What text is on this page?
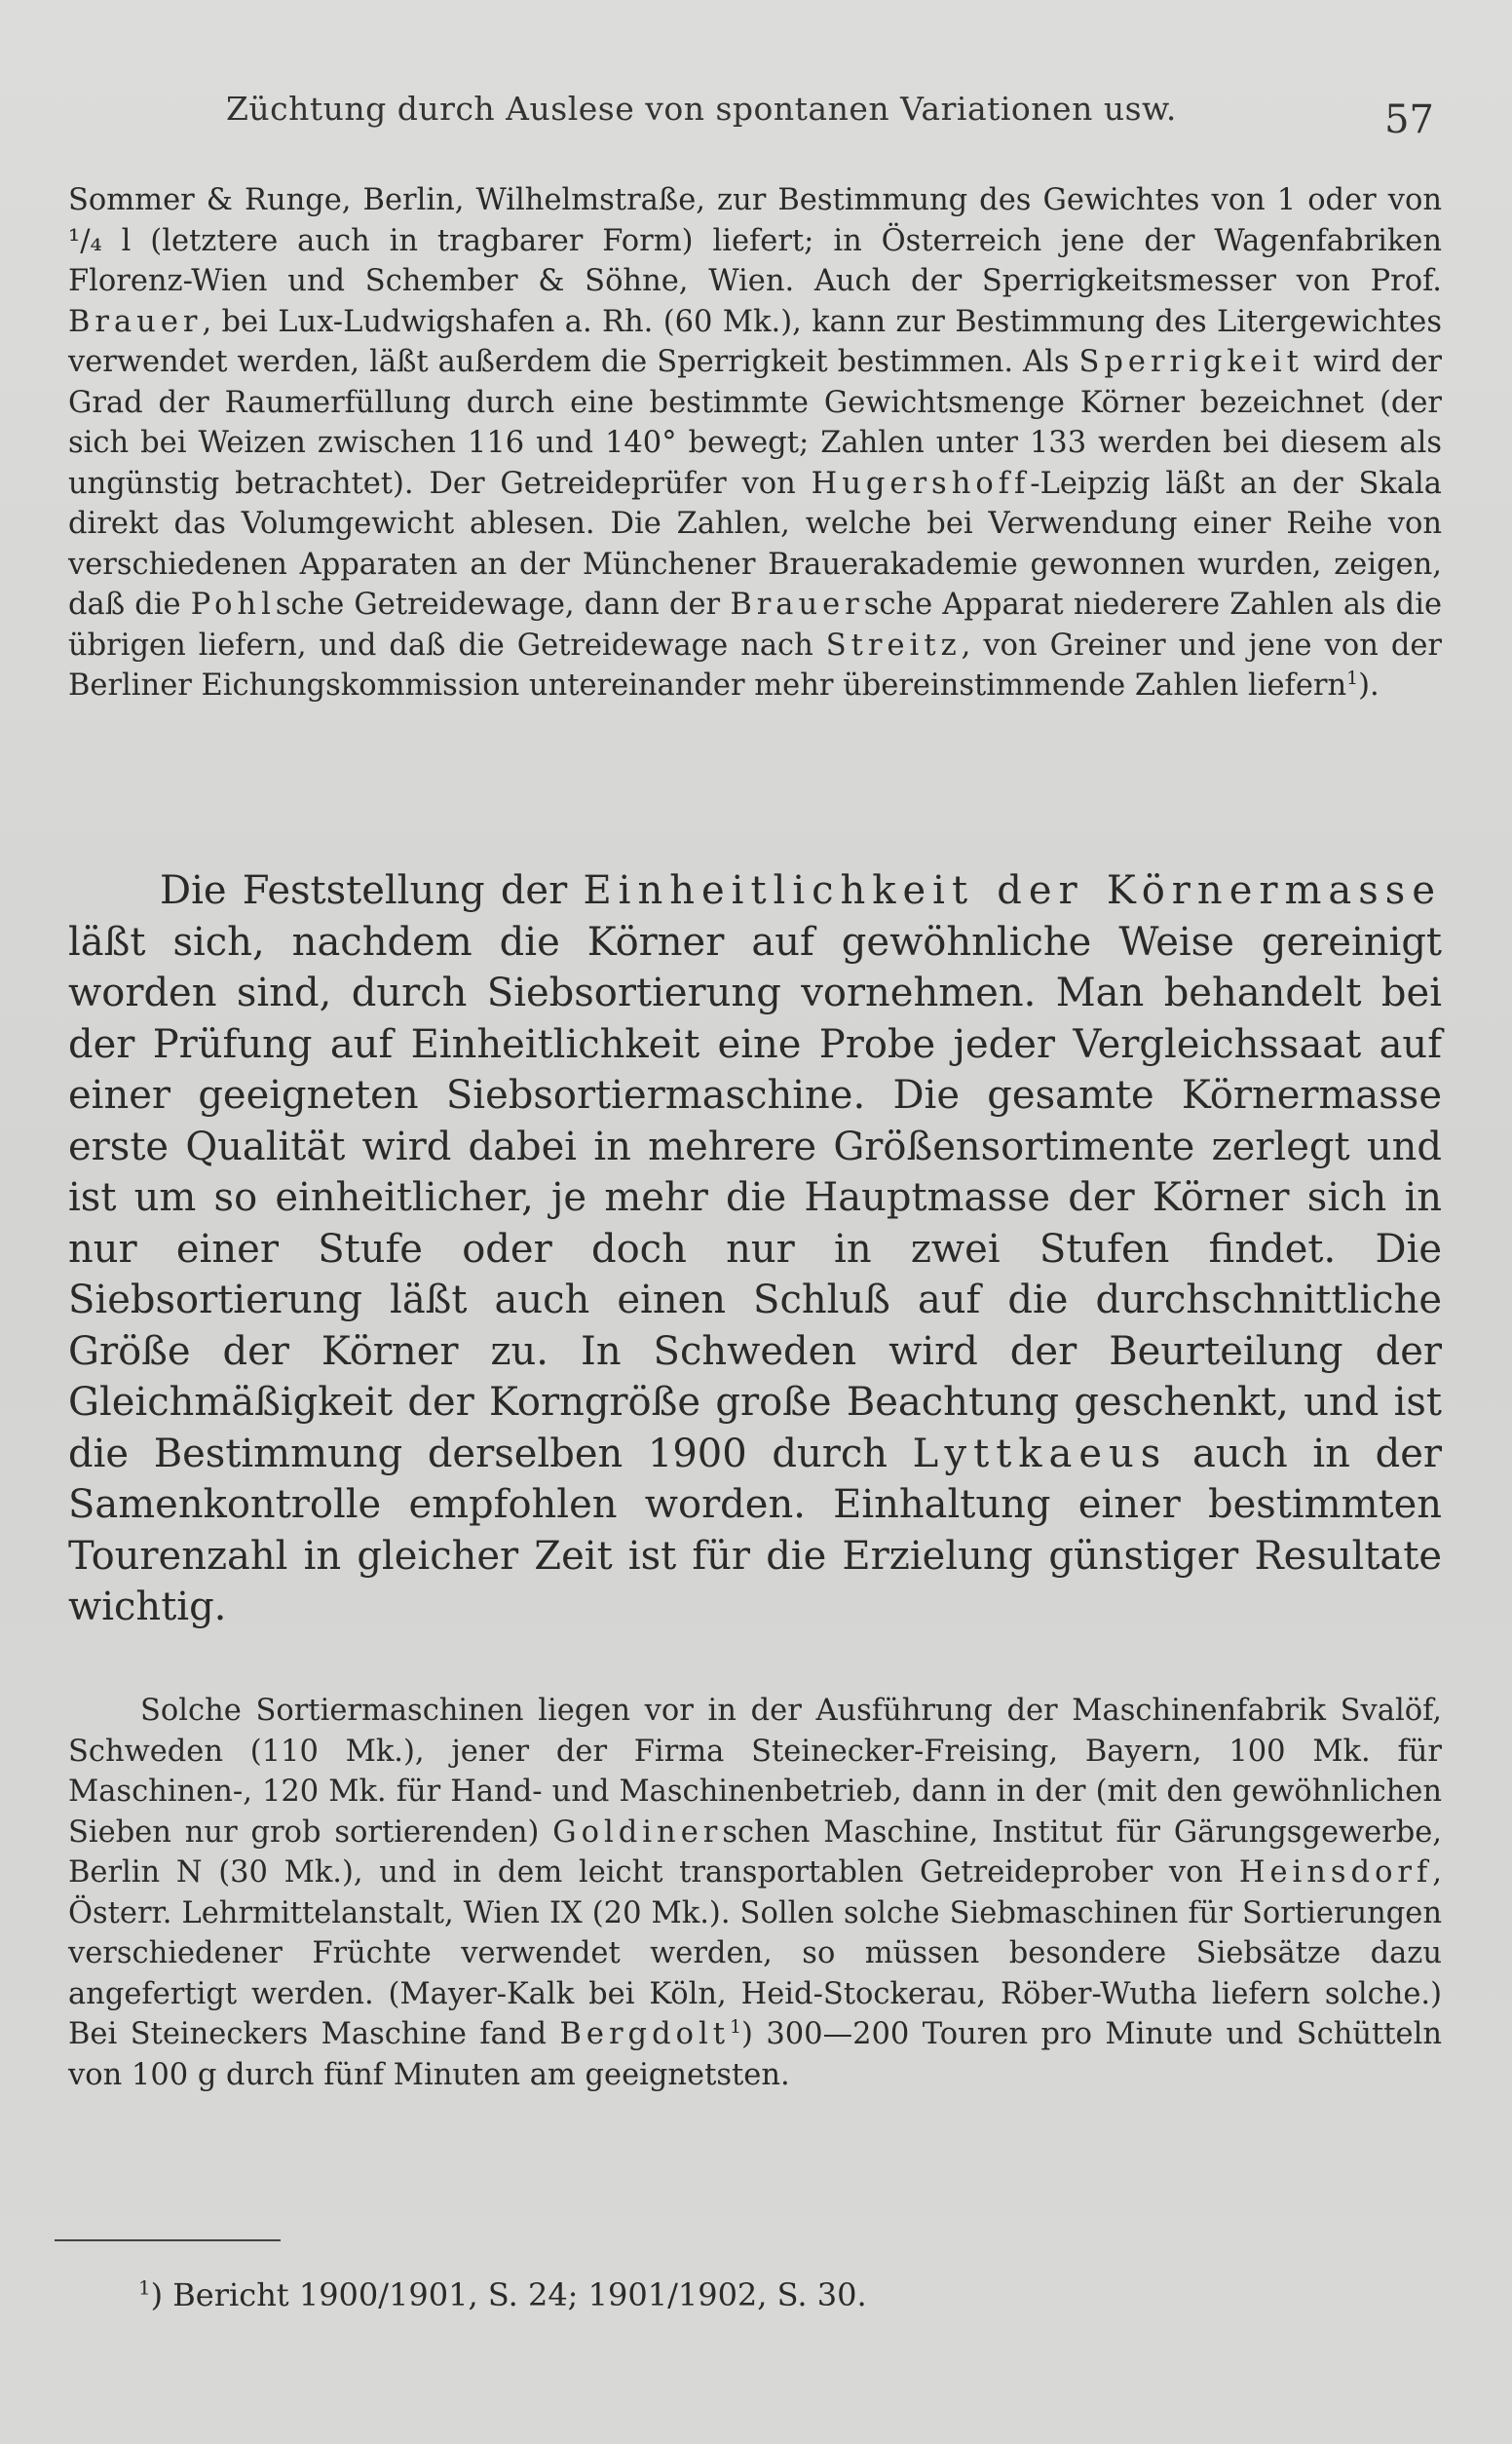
Züchtung durch Auslese von spontanen Variationen usw.	57

Sommer & Runge, Berlin, Wilhelmstraße, zur Bestimmung des Gewichtes von 1 oder von ¹/₄ l (letztere auch in tragbarer Form) liefert; in Österreich jene der Wagenfabriken Florenz-Wien und Schember & Söhne, Wien. Auch der Sperrigkeitsmesser von Prof. Brauer, bei Lux-Ludwigshafen a. Rh. (60 Mk.), kann zur Bestimmung des Litergewichtes verwendet werden, läßt außerdem die Sperrigkeit bestimmen. Als Sperrigkeit wird der Grad der Raumerfüllung durch eine bestimmte Gewichtsmenge Körner bezeichnet (der sich bei Weizen zwischen 116 und 140° bewegt; Zahlen unter 133 werden bei diesem als ungünstig betrachtet). Der Getreideprüfer von Hugershoff-Leipzig läßt an der Skala direkt das Volumgewicht ablesen. Die Zahlen, welche bei Verwendung einer Reihe von verschiedenen Apparaten an der Münchener Brauerakademie gewonnen wurden, zeigen, daß die Pohlsche Getreidewage, dann der Brauersche Apparat niederere Zahlen als die übrigen liefern, und daß die Getreidewage nach Streitz, von Greiner und jene von der Berliner Eichungskommission untereinander mehr übereinstimmende Zahlen liefern$^1$).

Die Feststellung der Einheitlichkeit der Körnermasse läßt sich, nachdem die Körner auf gewöhnliche Weise gereinigt worden sind, durch Siebsortierung vornehmen. Man behandelt bei der Prüfung auf Einheitlichkeit eine Probe jeder Vergleichssaat auf einer geeigneten Siebsortiermaschine. Die gesamte Körnermasse erste Qualität wird dabei in mehrere Größensortimente zerlegt und ist um so einheitlicher, je mehr die Hauptmasse der Körner sich in nur einer Stufe oder doch nur in zwei Stufen findet. Die Siebsortierung läßt auch einen Schluß auf die durchschnittliche Größe der Körner zu. In Schweden wird der Beurteilung der Gleichmäßigkeit der Korngröße große Beachtung geschenkt, und ist die Bestimmung derselben 1900 durch Lyttkaeus auch in der Samenkontrolle empfohlen worden. Einhaltung einer bestimmten Tourenzahl in gleicher Zeit ist für die Erzielung günstiger Resultate wichtig.

Solche Sortiermaschinen liegen vor in der Ausführung der Maschinenfabrik Svalöf, Schweden (110 Mk.), jener der Firma Steinecker-Freising, Bayern, 100 Mk. für Maschinen-, 120 Mk. für Hand- und Maschinenbetrieb, dann in der (mit den gewöhnlichen Sieben nur grob sortierenden) Goldinerschen Maschine, Institut für Gärungsgewerbe, Berlin N (30 Mk.), und in dem leicht transportablen Getreideprober von Heinsdorf, Österr. Lehrmittelanstalt, Wien IX (20 Mk.). Sollen solche Siebmaschinen für Sortierungen verschiedener Früchte verwendet werden, so müssen besondere Siebsätze dazu angefertigt werden. (Mayer-Kalk bei Köln, Heid-Stockerau, Röber-Wutha liefern solche.) Bei Steineckers Maschine fand Bergdolt$^1$) 300—200 Touren pro Minute und Schütteln von 100 g durch fünf Minuten am geeignetsten.

$^1$) Bericht 1900/1901, S. 24; 1901/1902, S. 30.
